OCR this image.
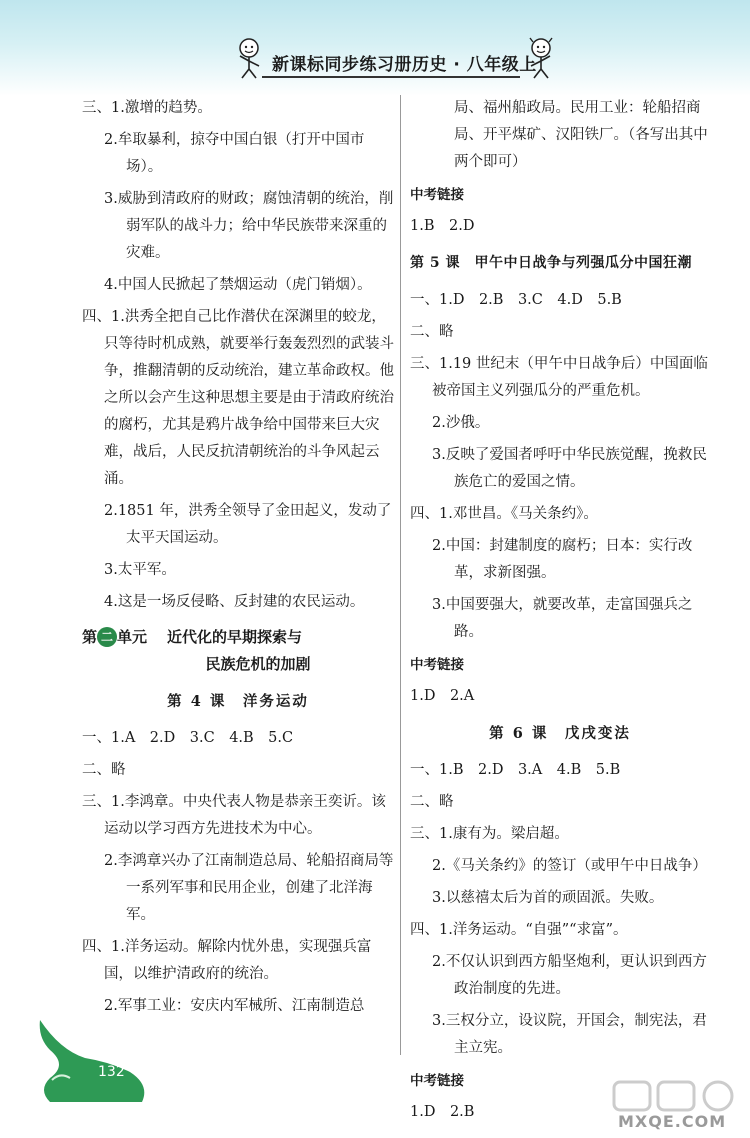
新课标同步练习册历史 · 八年级上

三、1.激增的趋势。

2.牟取暴利，掠夺中国白银（打开中国市场）。

3.威胁到清政府的财政；腐蚀清朝的统治，削弱军队的战斗力；给中华民族带来深重的灾难。

4.中国人民掀起了禁烟运动（虎门销烟）。

四、1.洪秀全把自己比作潜伏在深渊里的蛟龙，只等待时机成熟，就要举行轰轰烈烈的武装斗争，推翻清朝的反动统治，建立革命政权。他之所以会产生这种思想主要是由于清政府统治的腐朽，尤其是鸦片战争给中国带来巨大灾难，战后，人民反抗清朝统治的斗争风起云涌。

2.1851 年，洪秀全领导了金田起义，发动了太平天国运动。

3.太平军。

4.这是一场反侵略、反封建的农民运动。

第 二 单元 近代化的早期探索与
民族危机的加剧
第 4 课　洋务运动

一、1.A　2.D　3.C　4.B　5.C

二、略

三、1.李鸿章。中央代表人物是恭亲王奕䜣。该运动以学习西方先进技术为中心。

2.李鸿章兴办了江南制造总局、轮船招商局等一系列军事和民用企业，创建了北洋海军。

四、1.洋务运动。解除内忧外患，实现强兵富国，以维护清政府的统治。

2.军事工业：安庆内军械所、江南制造总

局、福州船政局。民用工业：轮船招商局、开平煤矿、汉阳铁厂。（各写出其中两个即可）

中考链接

1.B　2.D

第 5 课　甲午中日战争与列强瓜分中国狂潮

一、1.D　2.B　3.C　4.D　5.B

二、略

三、1.19 世纪末（甲午中日战争后）中国面临被帝国主义列强瓜分的严重危机。

2.沙俄。

3.反映了爱国者呼吁中华民族觉醒，挽救民族危亡的爱国之情。

四、1.邓世昌。《马关条约》。

2.中国：封建制度的腐朽；日本：实行改革，求新图强。

3.中国要强大，就要改革，走富国强兵之路。

中考链接

1.D　2.A

第 6 课　戊戌变法

一、1.B　2.D　3.A　4.B　5.B

二、略

三、1.康有为。梁启超。

2.《马关条约》的签订（或甲午中日战争）

3.以慈禧太后为首的顽固派。失败。

四、1.洋务运动。“自强”“求富”。

2.不仅认识到西方船坚炮利，更认识到西方政治制度的先进。

3.三权分立，设议院，开国会，制宪法，君主立宪。

中考链接

1.D　2.B

132
MXQE.COM
